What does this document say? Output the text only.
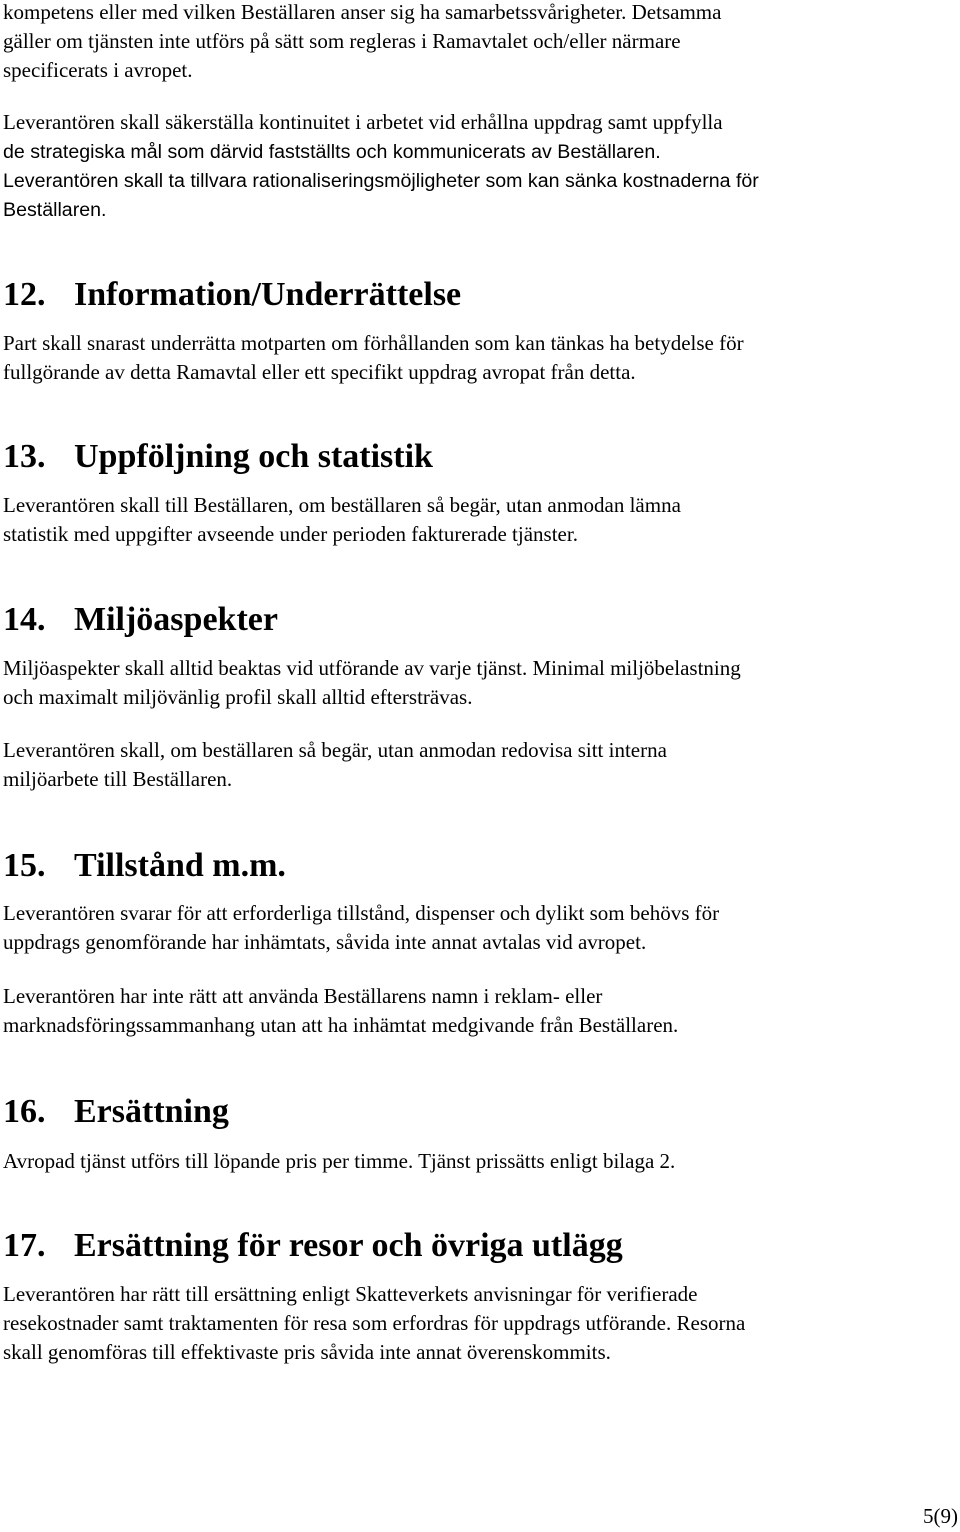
kompetens eller med vilken Beställaren anser sig ha samarbetssvårigheter. Detsamma
gäller om tjänsten inte utförs på sätt som regleras i Ramavtalet och/eller närmare
specificerats i avropet.
Leverantören skall säkerställa kontinuitet i arbetet vid erhållna uppdrag samt uppfylla
de strategiska mål som därvid fastställts och kommunicerats av Beställaren.
Leverantören skall ta tillvara rationaliseringsmöjligheter som kan sänka kostnaderna för
Beställaren.
12. Information/Underrättelse
Part skall snarast underrätta motparten om förhållanden som kan tänkas ha betydelse för
fullgörande av detta Ramavtal eller ett specifikt uppdrag avropat från detta.
13. Uppföljning och statistik
Leverantören skall till Beställaren, om beställaren så begär, utan anmodan lämna
statistik med uppgifter avseende under perioden fakturerade tjänster.
14. Miljöaspekter
Miljöaspekter skall alltid beaktas vid utförande av varje tjänst. Minimal miljöbelastning
och maximalt miljövänlig profil skall alltid eftersträvas.
Leverantören skall, om beställaren så begär, utan anmodan redovisa sitt interna
miljöarbete till Beställaren.
15. Tillstånd m.m.
Leverantören svarar för att erforderliga tillstånd, dispenser och dylikt som behövs för
uppdrags genomförande har inhämtats, såvida inte annat avtalas vid avropet.
Leverantören har inte rätt att använda Beställarens namn i reklam- eller
marknadsföringssammanhang utan att ha inhämtat medgivande från Beställaren.
16. Ersättning
Avropad tjänst utförs till löpande pris per timme. Tjänst prissätts enligt bilaga 2.
17. Ersättning för resor och övriga utlägg
Leverantören har rätt till ersättning enligt Skatteverkets anvisningar för verifierade
resekostnader samt traktamenten för resa som erfordras för uppdrags utförande. Resorna
skall genomföras till effektivaste pris såvida inte annat överenskommits.
5(9)
